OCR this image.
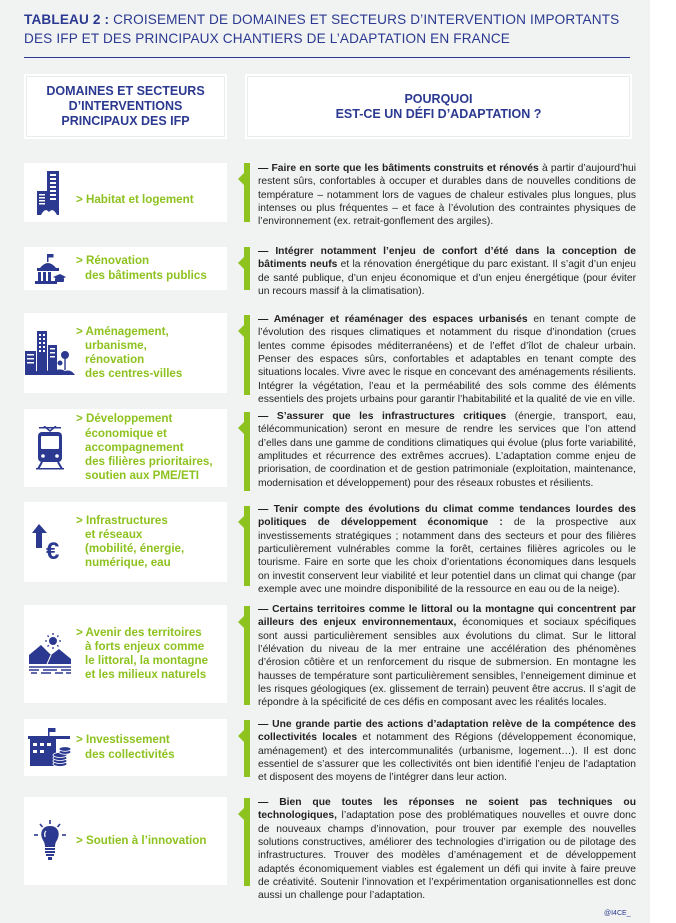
TABLEAU 2 : CROISEMENT DE DOMAINES ET SECTEURS D’INTERVENTION IMPORTANTS DES IFP ET DES PRINCIPAUX CHANTIERS DE L’ADAPTATION EN FRANCE
DOMAINES ET SECTEURS
D’INTERVENTIONS
PRINCIPAUX DES IFP
POURQUOI
EST-CE UN DÉFI D’ADAPTATION ?
> Habitat et logement
— Faire en sorte que les bâtiments construits et rénovés à partir d’aujourd’hui restent sûrs, confortables à occuper et durables dans de nouvelles conditions de température – notamment lors de vagues de chaleur estivales plus longues, plus intenses ou plus fréquentes – et face à l’évolution des contraintes physiques de l’environnement (ex. retrait-gonflement des argiles).
> Rénovation
des bâtiments publics
— Intégrer notamment l’enjeu de confort d’été dans la conception de bâtiments neufs et la rénovation énergétique du parc existant. Il s’agit d’un enjeu de santé publique, d’un enjeu économique et d’un enjeu énergétique (pour éviter un recours massif à la climatisation).
> Aménagement,
urbanisme,
rénovation
des centres-villes
— Aménager et réaménager des espaces urbanisés en tenant compte de l’évolution des risques climatiques et notamment du risque d’inondation (crues lentes comme épisodes méditerranéens) et de l’effet d’îlot de chaleur urbain. Penser des espaces sûrs, confortables et adaptables en tenant compte des situations locales. Vivre avec le risque en concevant des aménagements résilients. Intégrer la végétation, l’eau et la perméabilité des sols comme des éléments essentiels des projets urbains pour garantir l’habitabilité et la qualité de vie en ville.
> Développement
économique et
accompagnement
des filières prioritaires,
soutien aux PME/ETI
— S’assurer que les infrastructures critiques (énergie, transport, eau, télécommunication) seront en mesure de rendre les services que l’on attend d’elles dans une gamme de conditions climatiques qui évolue (plus forte variabilité, amplitudes et récurrence des extrêmes accrues). L’adaptation comme enjeu de priorisation, de coordination et de gestion patrimoniale (exploitation, maintenance, modernisation et développement) pour des réseaux robustes et résilients.
€
> Infrastructures
et réseaux
(mobilité, énergie,
numérique, eau
— Tenir compte des évolutions du climat comme tendances lourdes des politiques de développement économique : de la prospective aux investissements stratégiques ; notamment dans des secteurs et pour des filières particulièrement vulnérables comme la forêt, certaines filières agricoles ou le tourisme. Faire en sorte que les choix d’orientations économiques dans lesquels on investit conservent leur viabilité et leur potentiel dans un climat qui change (par exemple avec une moindre disponibilité de la ressource en eau ou de la neige).
> Avenir des territoires
à forts enjeux comme
le littoral, la montagne
et les milieux naturels
— Certains territoires comme le littoral ou la montagne qui concentrent par ailleurs des enjeux environnementaux, économiques et sociaux spécifiques sont aussi particulièrement sensibles aux évolutions du climat. Sur le littoral l’élévation du niveau de la mer entraine une accélération des phénomènes d’érosion côtière et un renforcement du risque de submersion. En montagne les hausses de température sont particulièrement sensibles, l’enneigement diminue et les risques géologiques (ex. glissement de terrain) peuvent être accrus. Il s’agit de répondre à la spécificité de ces défis en composant avec les réalités locales.
> Investissement
des collectivités
— Une grande partie des actions d’adaptation relève de la compétence des collectivités locales et notamment des Régions (développement économique, aménagement) et des intercommunalités (urbanisme, logement…). Il est donc essentiel de s’assurer que les collectivités ont bien identifié l’enjeu de l’adaptation et disposent des moyens de l’intégrer dans leur action.
> Soutien à l’innovation
— Bien que toutes les réponses ne soient pas techniques ou technologiques, l’adaptation pose des problématiques nouvelles et ouvre donc de nouveaux champs d’innovation, pour trouver par exemple des nouvelles solutions constructives, améliorer des technologies d’irrigation ou de pilotage des infrastructures. Trouver des modèles d’aménagement et de développement adaptés économiquement viables est également un défi qui invite à faire preuve de créativité. Soutenir l’innovation et l’expérimentation organisationnelles est donc aussi un challenge pour l’adaptation.
@I4CE_
